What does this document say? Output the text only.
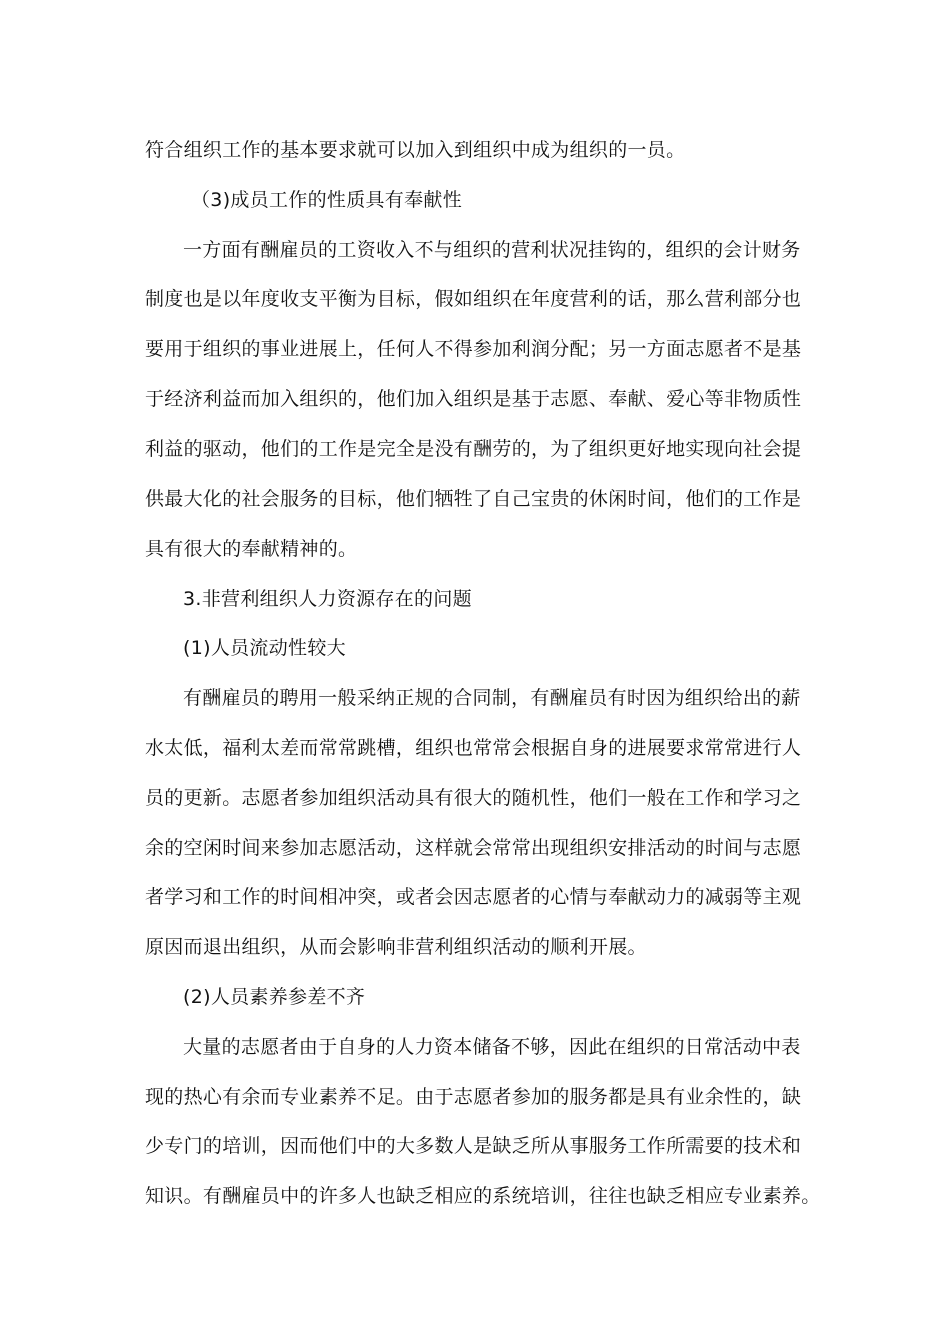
符合组织工作的基本要求就可以加入到组织中成为组织的一员。
（3)成员工作的性质具有奉献性
一方面有酬雇员的工资收入不与组织的营利状况挂钩的，组织的会计财务
制度也是以年度收支平衡为目标，假如组织在年度营利的话，那么营利部分也
要用于组织的事业进展上，任何人不得参加利润分配；另一方面志愿者不是基
于经济利益而加入组织的，他们加入组织是基于志愿、奉献、爱心等非物质性
利益的驱动，他们的工作是完全是没有酬劳的，为了组织更好地实现向社会提
供最大化的社会服务的目标，他们牺牲了自己宝贵的休闲时间，他们的工作是
具有很大的奉献精神的。
3.非营利组织人力资源存在的问题
(1)人员流动性较大
有酬雇员的聘用一般采纳正规的合同制，有酬雇员有时因为组织给出的薪
水太低，福利太差而常常跳槽，组织也常常会根据自身的进展要求常常进行人
员的更新。志愿者参加组织活动具有很大的随机性，他们一般在工作和学习之
余的空闲时间来参加志愿活动，这样就会常常出现组织安排活动的时间与志愿
者学习和工作的时间相冲突，或者会因志愿者的心情与奉献动力的减弱等主观
原因而退出组织，从而会影响非营利组织活动的顺利开展。
(2)人员素养参差不齐
大量的志愿者由于自身的人力资本储备不够，因此在组织的日常活动中表
现的热心有余而专业素养不足。由于志愿者参加的服务都是具有业余性的，缺
少专门的培训，因而他们中的大多数人是缺乏所从事服务工作所需要的技术和
知识。有酬雇员中的许多人也缺乏相应的系统培训，往往也缺乏相应专业素养。
